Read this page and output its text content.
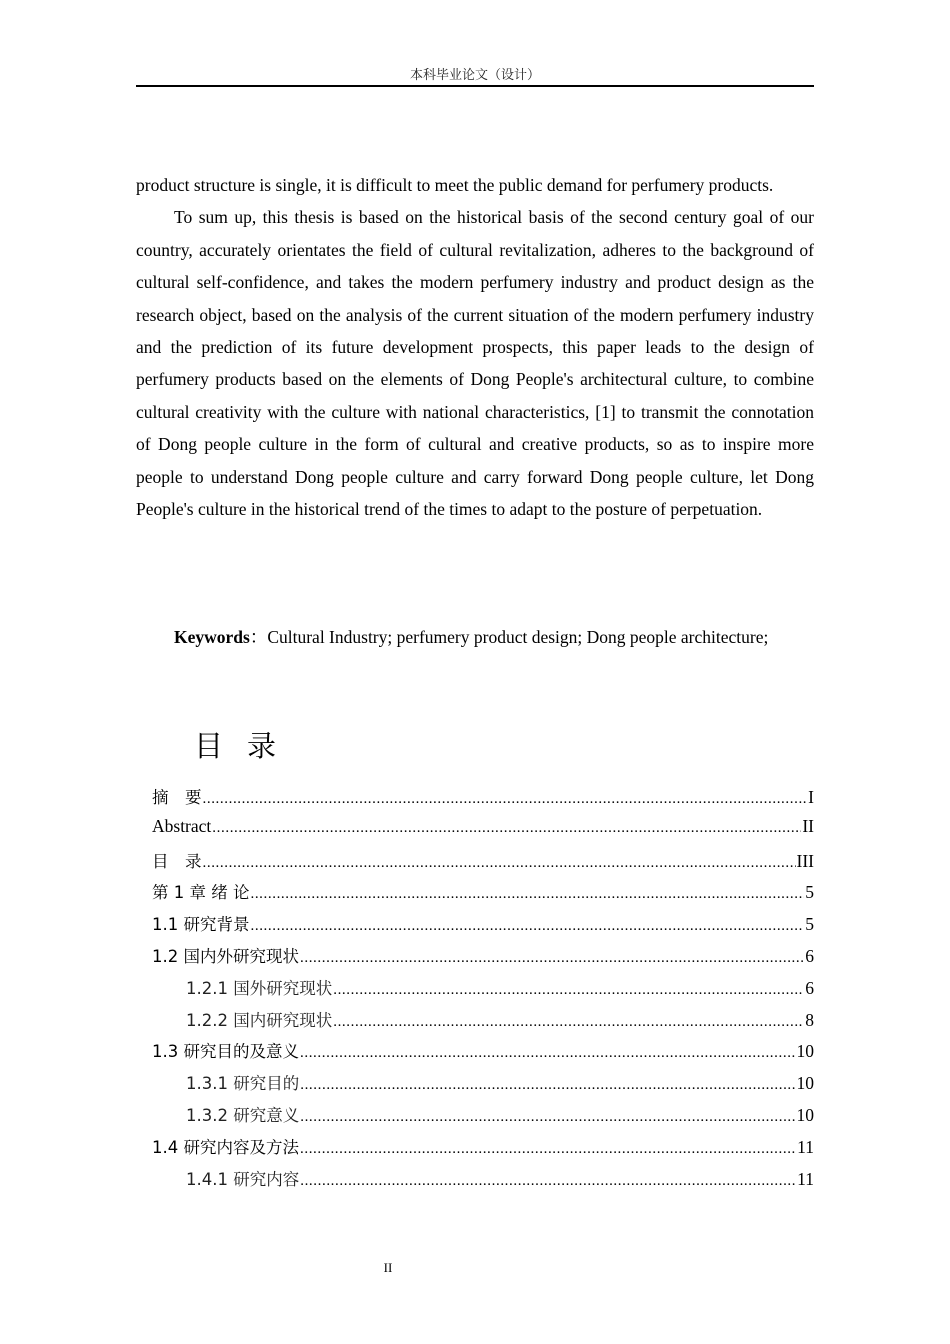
本科毕业论文（设计）

product structure is single, it is difficult to meet the public demand for perfumery products.

To sum up, this thesis is based on the historical basis of the second century goal of our country, accurately orientates the field of cultural revitalization, adheres to the background of cultural self-confidence, and takes the modern perfumery industry and product design as the research object, based on the analysis of the current situation of the modern perfumery industry and the prediction of its future development prospects, this paper leads to the design of perfumery products based on the elements of Dong People's architectural culture, to combine cultural creativity with the culture with national characteristics, [1] to transmit the connotation of Dong people culture in the form of cultural and creative products, so as to inspire more people to understand Dong people culture and carry forward Dong people culture, let Dong People's culture in the historical trend of the times to adapt to the posture of perpetuation.

Keywords：Cultural Industry; perfumery product design; Dong people architecture;

目录
摘　要 .....	I
Abstract .....	II
目　录 .....	III
第 1 章 绪 论 .....	5
1.1 研究背景 .....	5
1.2 国内外研究现状 .....	6
1.2.1 国外研究现状 .....	6
1.2.2 国内研究现状 .....	8
1.3 研究目的及意义 .....	10
1.3.1 研究目的 .....	10
1.3.2 研究意义 .....	10
1.4 研究内容及方法 .....	11
1.4.1 研究内容 .....	11
II
